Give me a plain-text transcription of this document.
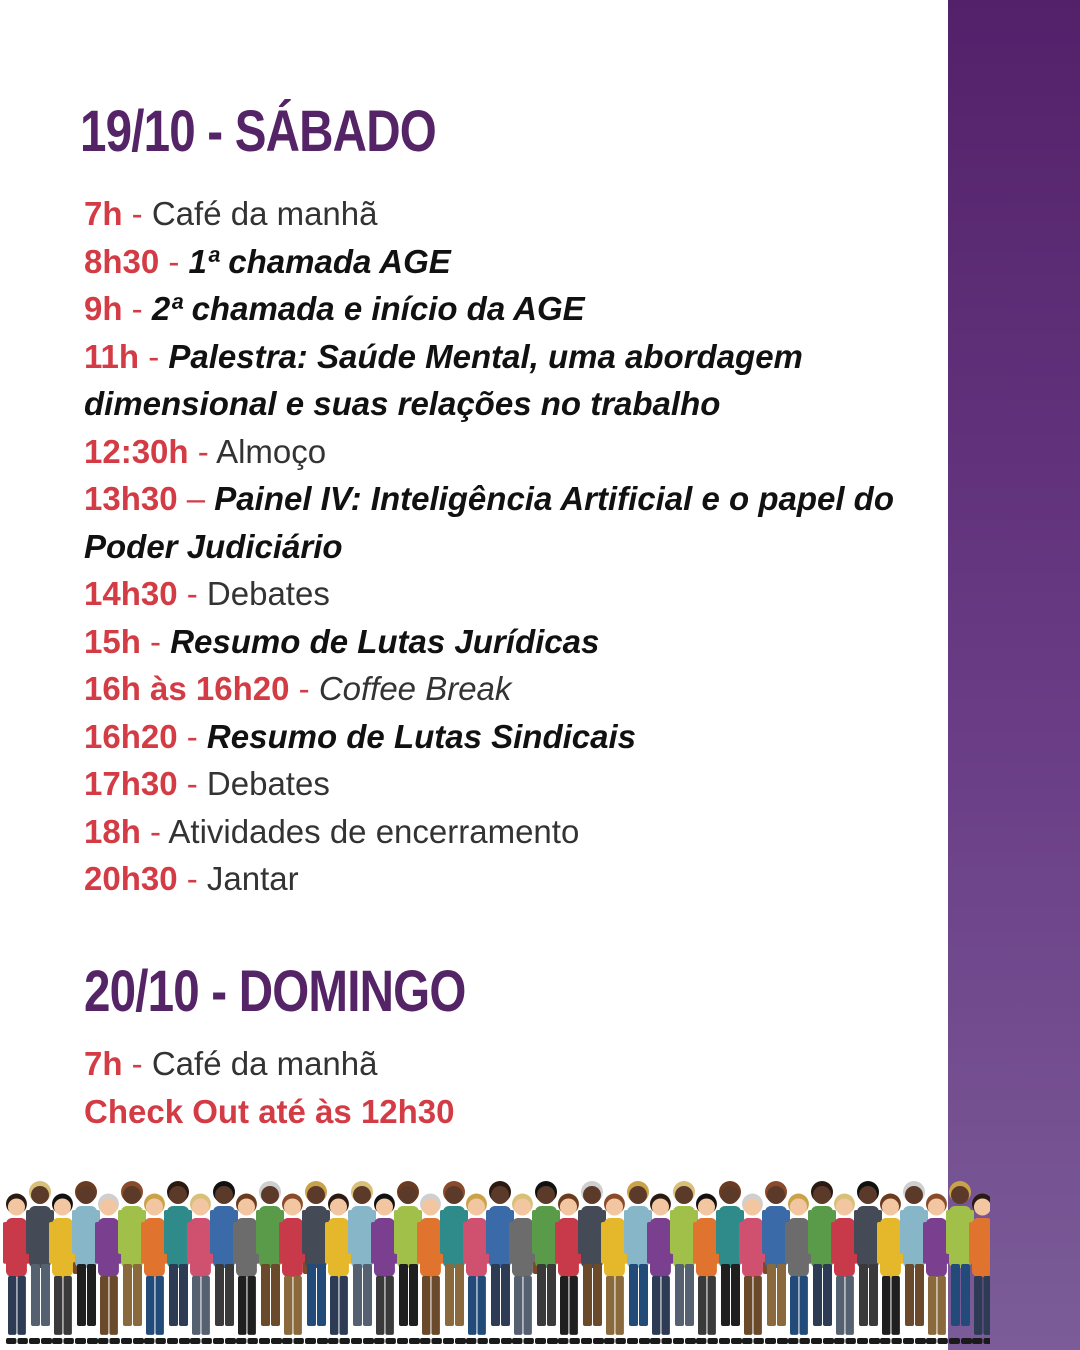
19/10 - SÁBADO
7h - Café da manhã
8h30 - 1ª chamada AGE
9h - 2ª chamada e início da AGE
11h - Palestra: Saúde Mental, uma abordagem dimensional e suas relações no trabalho
12:30h - Almoço
13h30 – Painel IV: Inteligência Artificial e o papel do Poder Judiciário
14h30 - Debates
15h - Resumo de Lutas Jurídicas
16h às 16h20 - Coffee Break
16h20 - Resumo de Lutas Sindicais
17h30 - Debates
18h - Atividades de encerramento
20h30 - Jantar
20/10 - DOMINGO
7h - Café da manhã
Check Out até às 12h30
